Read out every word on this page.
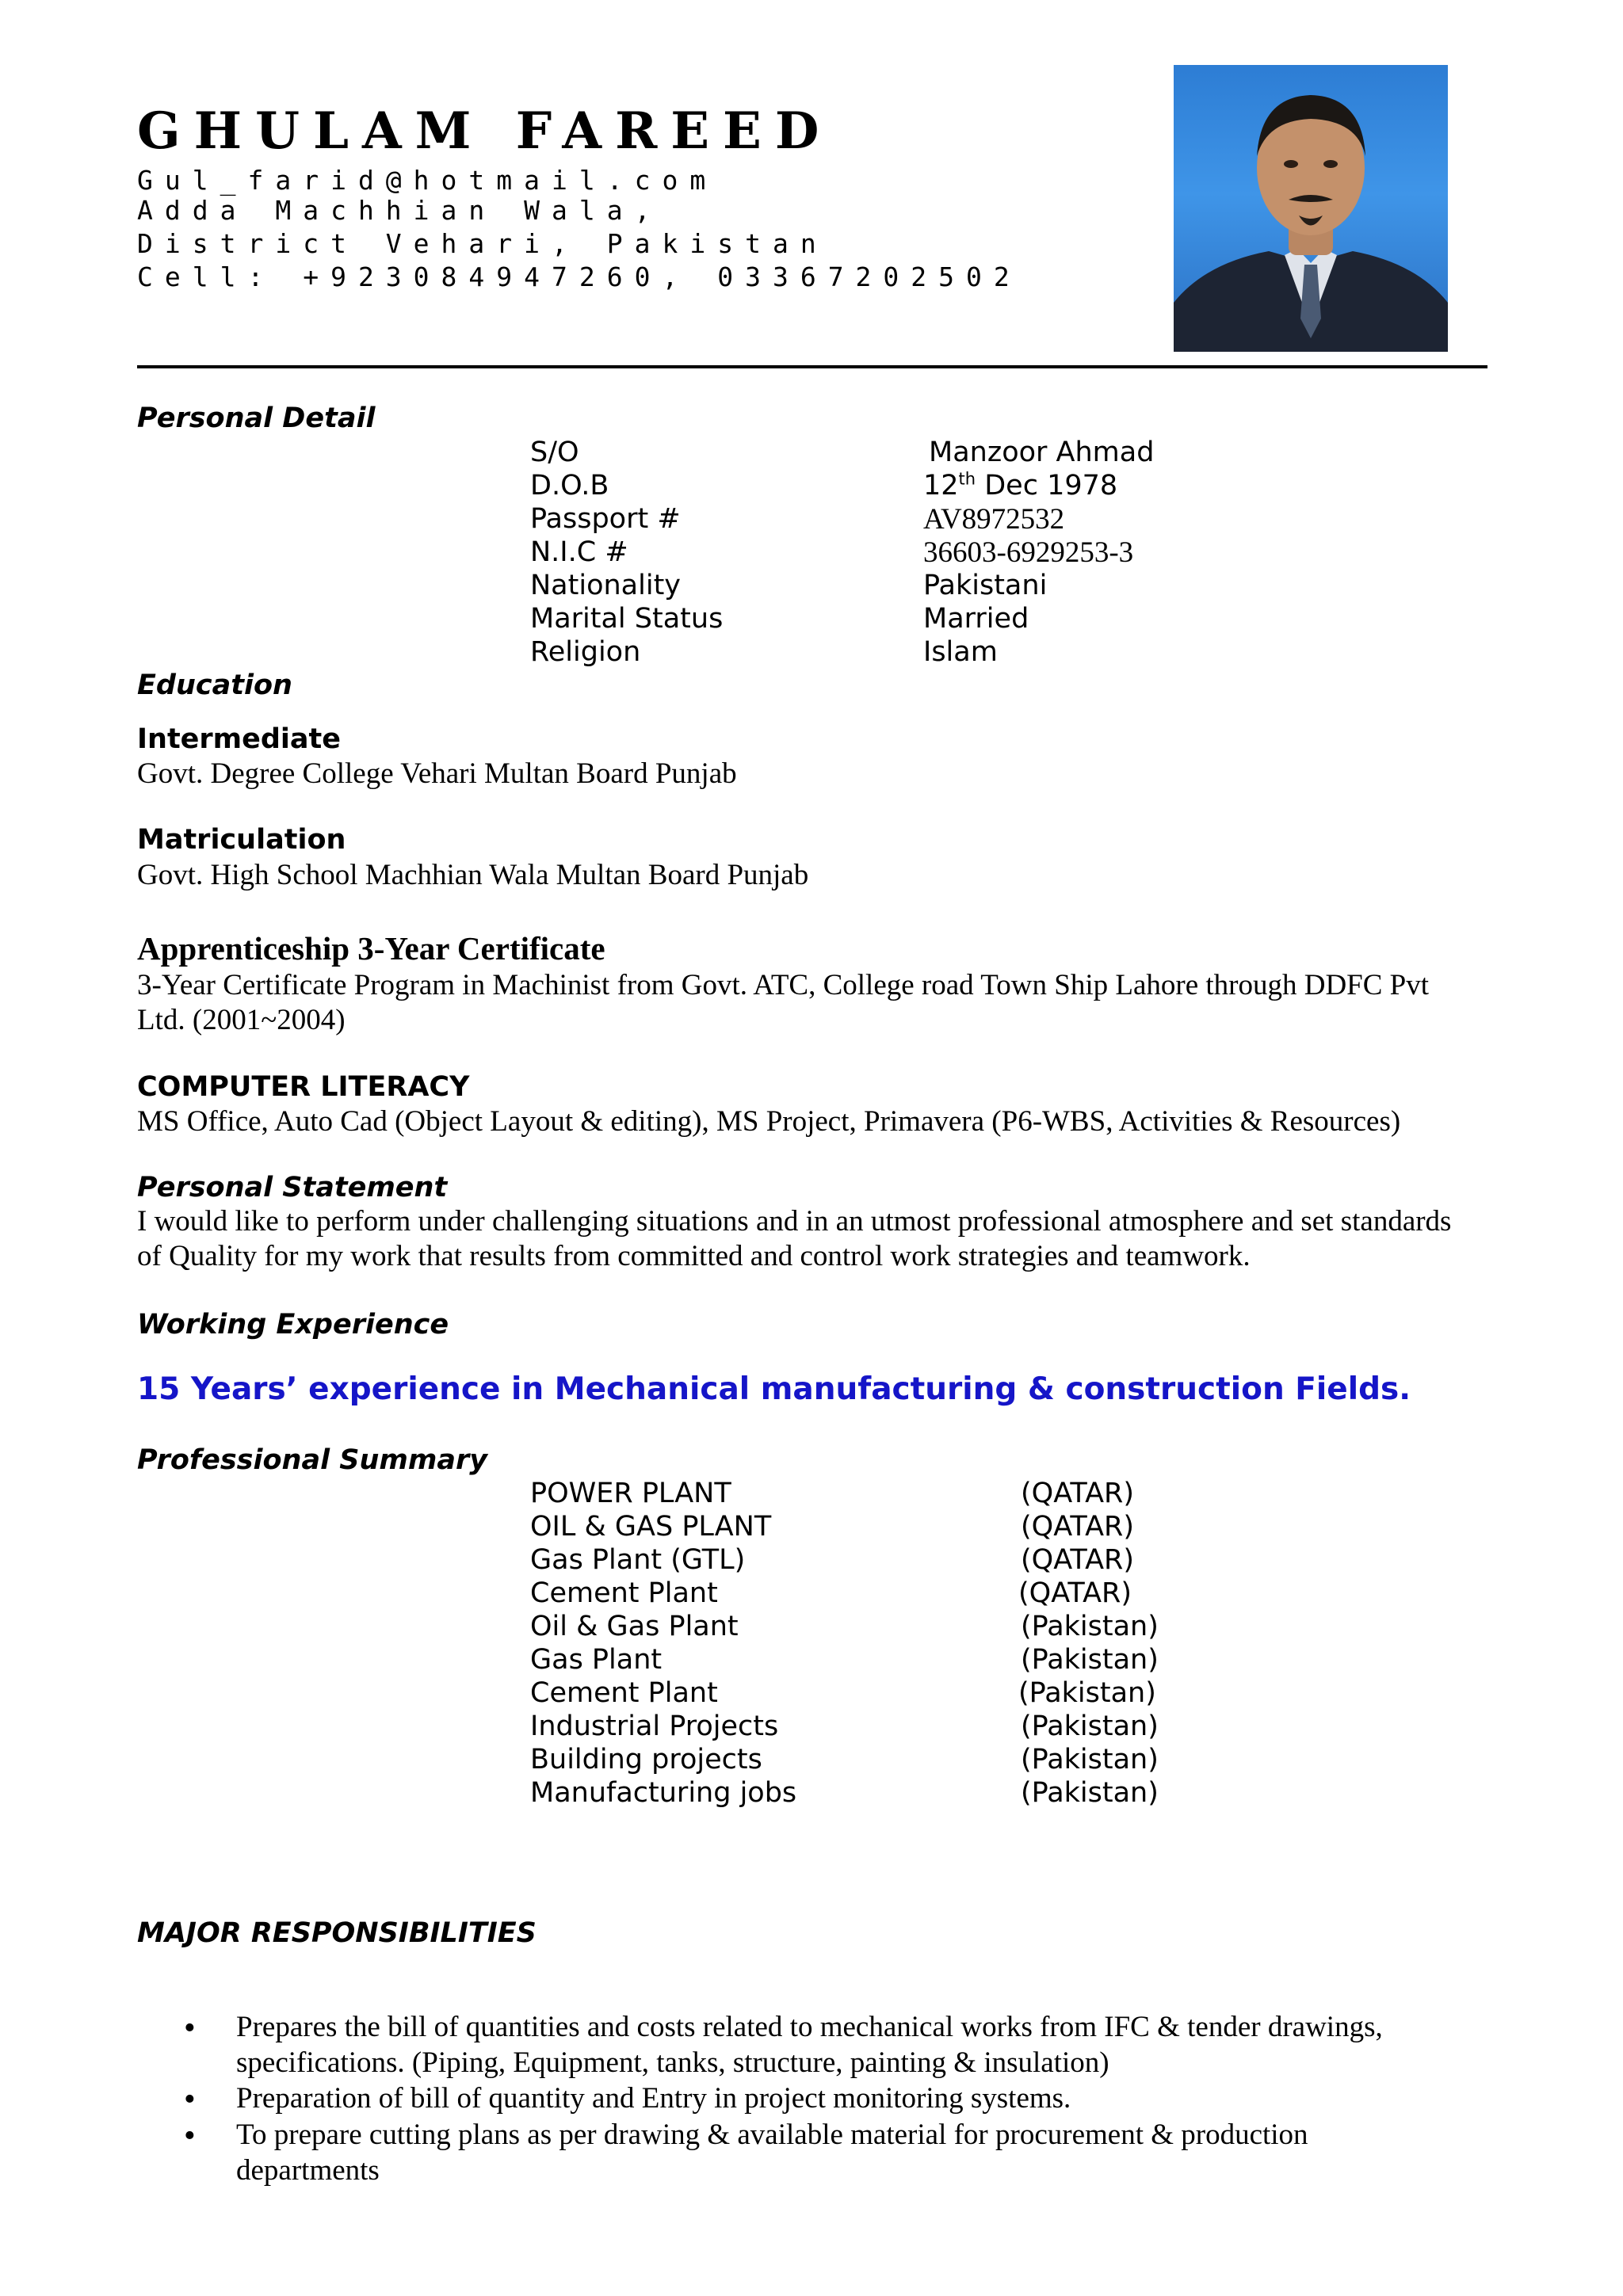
GHULAM FAREED
Gul_farid@hotmail.com
Adda Machhian Wala,
District Vehari, Pakistan
Cell: +923084947260, 03367202502
Personal Detail
S/O	Manzoor Ahmad
D.O.B	12th Dec 1978
Passport #	AV8972532
N.I.C #	36603-6929253-3
Nationality	Pakistani
Marital Status	Married
Religion	Islam
Education
Intermediate
Govt. Degree College Vehari Multan Board Punjab
Matriculation
Govt. High School Machhian Wala Multan Board Punjab
Apprenticeship 3-Year Certificate
3-Year Certificate Program in Machinist from Govt. ATC, College road Town Ship Lahore through DDFC Pvt
Ltd. (2001~2004)
COMPUTER LITERACY
MS Office, Auto Cad (Object Layout & editing), MS Project, Primavera (P6-WBS, Activities & Resources)
Personal Statement
I would like to perform under challenging situations and in an utmost professional atmosphere and set standards
of Quality for my work that results from committed and control work strategies and teamwork.
Working Experience
15 Years’ experience in Mechanical manufacturing & construction Fields.
Professional Summary
POWER PLANT	(QATAR)
OIL & GAS PLANT	(QATAR)
Gas Plant (GTL)	(QATAR)
Cement Plant	(QATAR)
Oil & Gas Plant	(Pakistan)
Gas Plant	(Pakistan)
Cement Plant	(Pakistan)
Industrial Projects	(Pakistan)
Building projects	(Pakistan)
Manufacturing jobs	(Pakistan)
MAJOR RESPONSIBILITIES
• Prepares the bill of quantities and costs related to mechanical works from IFC & tender drawings,
specifications. (Piping, Equipment, tanks, structure, painting & insulation)
• Preparation of bill of quantity and Entry in project monitoring systems.
• To prepare cutting plans as per drawing & available material for procurement & production
departments
